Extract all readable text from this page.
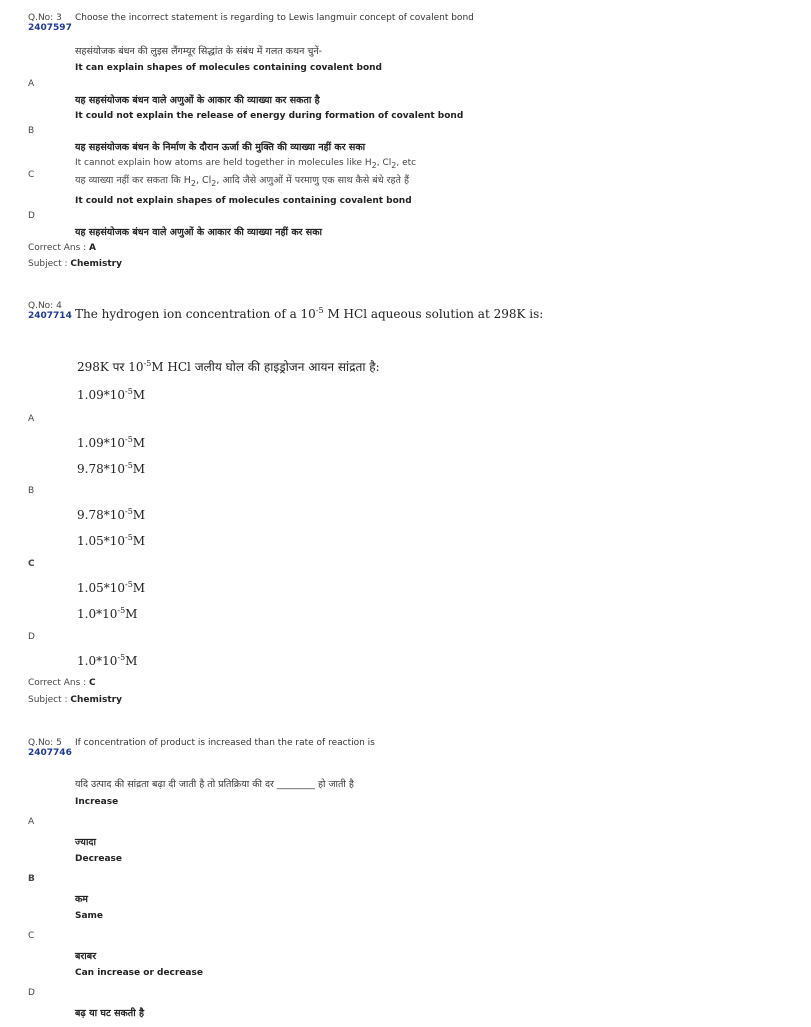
Q.No: 3
2407597
Choose the incorrect statement is regarding to Lewis langmuir concept of covalent bond
सहसंयोजक बंधन की लुइस लैंगम्यूर सिद्धांत के संबंध में गलत कथन चुनें-
It can explain shapes of molecules containing covalent bond
A
यह सहसंयोजक बंधन वाले अणुओं के आकार की व्याख्या कर सकता है
It could not explain the release of energy during formation of covalent bond
B
यह सहसंयोजक बंधन के निर्माण के दौरान ऊर्जा की मुक्ति की व्याख्या नहीं कर सका
It cannot explain how atoms are held together in molecules like $H_2$, $Cl_2$, etc
C	यह व्याख्या नहीं कर सकता कि $H_2$, $Cl_2$, आदि जैसे अणुओं में परमाणु एक साथ कैसे बंधे रहते हैं
It could not explain shapes of molecules containing covalent bond
D
यह सहसंयोजक बंधन वाले अणुओं के आकार की व्याख्या नहीं कर सका
Correct Ans : A
Subject : Chemistry
Q.No: 4
2407714 The hydrogen ion concentration of a $10^{-5}$ M HCl aqueous solution at 298K is:
298K पर $10^{-5}M$ HCl जलीय घोल की हाइड्रोजन आयन सांद्रता है:
$1.09*10^{-5}M$
A
$1.09*10^{-5}M$
$9.78*10^{-5}M$
B
$9.78*10^{-5}M$
$1.05*10^{-5}M$
C
$1.05*10^{-5}M$
$1.0*10^{-5}M$
D
$1.0*10^{-5}M$
Correct Ans : C
Subject : Chemistry
Q.No: 5
2407746
If concentration of product is increased than the rate of reaction is
यदि उत्पाद की सांद्रता बढ़ा दी जाती है तो प्रतिक्रिया की दर ________ हो जाती है
Increase
A
ज्यादा
Decrease
B
कम
Same
C
बराबर
Can increase or decrease
D
बढ़ या घट सकती है
